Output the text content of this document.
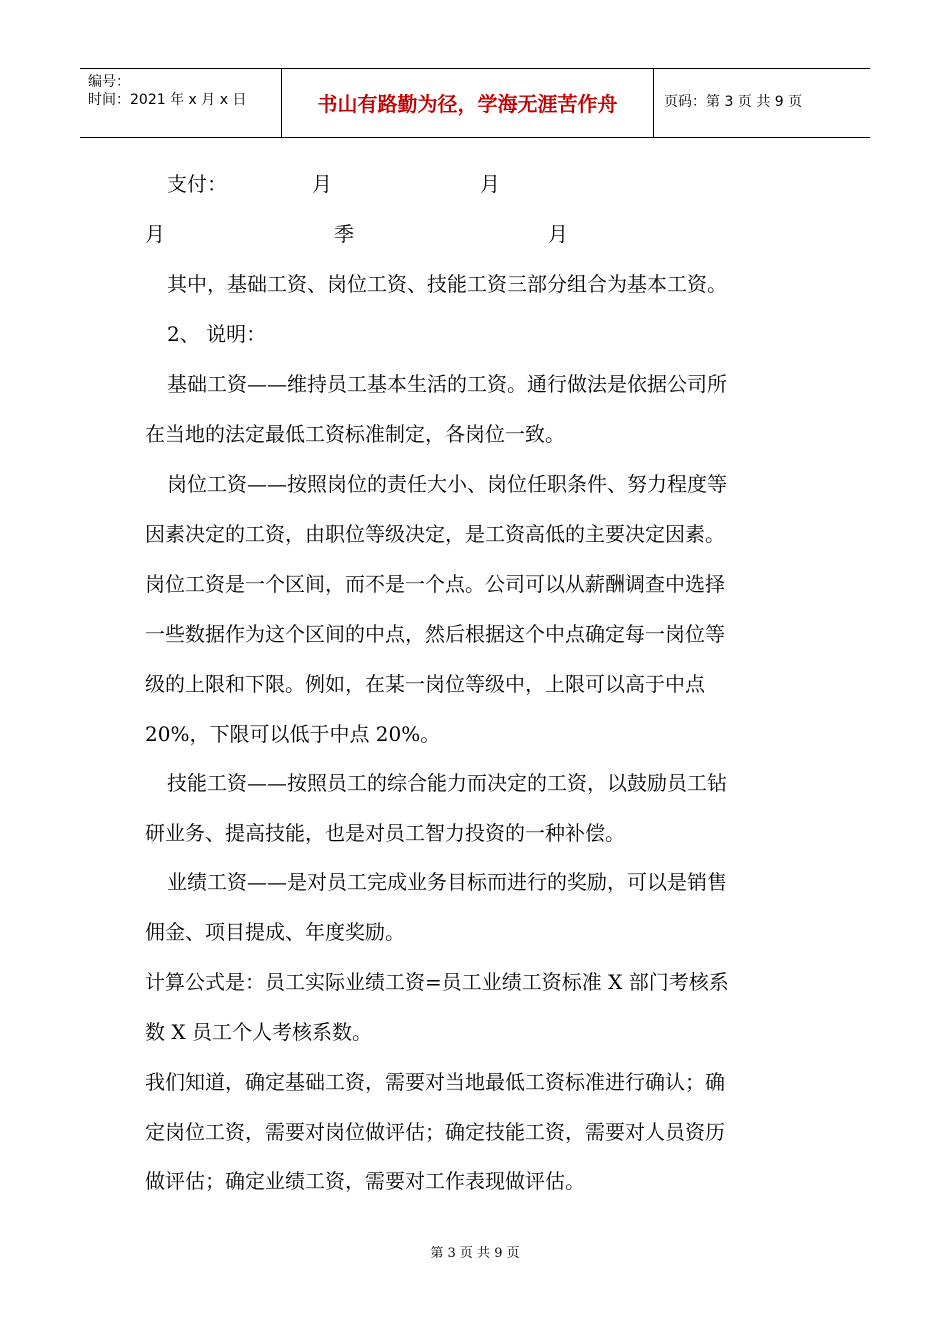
编号：
时间：2021 年 x 月 x 日	书山有路勤为径，学海无涯苦作舟	页码：第 3 页 共 9 页
支付：	月	月
月	季	月
其中，基础工资、岗位工资、技能工资三部分组合为基本工资。
2、 说明：
基础工资——维持员工基本生活的工资。通行做法是依据公司所
在当地的法定最低工资标准制定，各岗位一致。
岗位工资——按照岗位的责任大小、岗位任职条件、努力程度等
因素决定的工资，由职位等级决定，是工资高低的主要决定因素。
岗位工资是一个区间，而不是一个点。公司可以从薪酬调查中选择
一些数据作为这个区间的中点，然后根据这个中点确定每一岗位等
级的上限和下限。例如，在某一岗位等级中，上限可以高于中点
20%，下限可以低于中点 20%。
技能工资——按照员工的综合能力而决定的工资，以鼓励员工钻
研业务、提高技能，也是对员工智力投资的一种补偿。
业绩工资——是对员工完成业务目标而进行的奖励，可以是销售
佣金、项目提成、年度奖励。
计算公式是：员工实际业绩工资=员工业绩工资标准 X 部门考核系
数 X 员工个人考核系数。
我们知道，确定基础工资，需要对当地最低工资标准进行确认；确
定岗位工资，需要对岗位做评估；确定技能工资，需要对人员资历
做评估；确定业绩工资，需要对工作表现做评估。
第 3 页 共 9 页
